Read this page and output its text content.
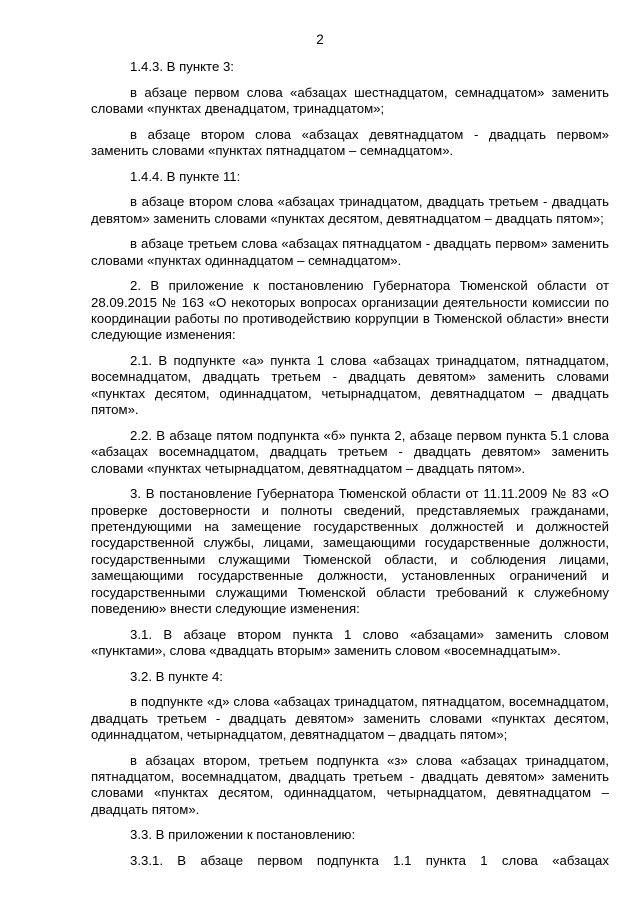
2

1.4.3. В пункте 3:

в абзаце первом слова «абзацах шестнадцатом, семнадцатом» заменить словами «пунктах двенадцатом, тринадцатом»;

в абзаце втором слова «абзацах девятнадцатом - двадцать первом» заменить словами «пунктах пятнадцатом – семнадцатом».

1.4.4. В пункте 11:

в абзаце втором слова «абзацах тринадцатом, двадцать третьем - двадцать девятом» заменить словами «пунктах десятом, девятнадцатом – двадцать пятом»;

в абзаце третьем слова «абзацах пятнадцатом - двадцать первом» заменить словами «пунктах одиннадцатом – семнадцатом».

2. В приложение к постановлению Губернатора Тюменской области от 28.09.2015 № 163 «О некоторых вопросах организации деятельности комиссии по координации работы по противодействию коррупции в Тюменской области» внести следующие изменения:

2.1. В подпункте «а» пункта 1 слова «абзацах тринадцатом, пятнадцатом, восемнадцатом, двадцать третьем - двадцать девятом» заменить словами «пунктах десятом, одиннадцатом, четырнадцатом, девятнадцатом – двадцать пятом».

2.2. В абзаце пятом подпункта «б» пункта 2, абзаце первом пункта 5.1 слова «абзацах восемнадцатом, двадцать третьем - двадцать девятом» заменить словами «пунктах четырнадцатом, девятнадцатом – двадцать пятом».

3. В постановление Губернатора Тюменской области от 11.11.2009 № 83 «О проверке достоверности и полноты сведений, представляемых гражданами, претендующими на замещение государственных должностей и должностей государственной службы, лицами, замещающими государственные должности, государственными служащими Тюменской области, и соблюдения лицами, замещающими государственные должности, установленных ограничений и государственными служащими Тюменской области требований к служебному поведению» внести следующие изменения:

3.1. В абзаце втором пункта 1 слово «абзацами» заменить словом «пунктами», слова «двадцать вторым» заменить словом «восемнадцатым».

3.2. В пункте 4:

в подпункте «д» слова «абзацах тринадцатом, пятнадцатом, восемнадцатом, двадцать третьем - двадцать девятом» заменить словами «пунктах десятом, одиннадцатом, четырнадцатом, девятнадцатом – двадцать пятом»;

в абзацах втором, третьем подпункта «з» слова «абзацах тринадцатом, пятнадцатом, восемнадцатом, двадцать третьем - двадцать девятом» заменить словами «пунктах десятом, одиннадцатом, четырнадцатом, девятнадцатом – двадцать пятом».

3.3. В приложении к постановлению:

3.3.1. В абзаце первом подпункта 1.1 пункта 1 слова «абзацах
